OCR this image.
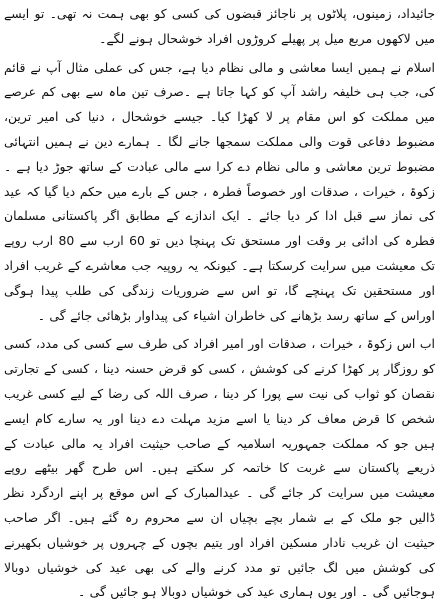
جائیداد، زمینوں، پلاٹوں پر ناجائز قبضوں کی کسی کو بھی ہمت نہ تھی۔ تو ایسے میں لاکھوں مربع میل پر پھیلے کروڑوں افراد خوشحال ہونے لگے۔

اسلام نے ہمیں ایسا معاشی و مالی نظام دیا ہے، جس کی عملی مثال آپ نے قائم کی، جب ہی خلیفہ راشد آپ کو کہا جاتا ہے ۔صرف تین ماہ سے بھی کم عرصے میں مملکت کو اس مقام پر لا کھڑا کیا۔ جیسے خوشحال ، دنیا کی امیر ترین، مضبوط دفاعی قوت والی مملکت سمجھا جانے لگا ۔ ہمارے دین نے ہمیں انتہائی مضبوط ترین معاشی و مالی نظام دے کرا سے مالی عبادت کے ساتھ جوڑ دیا ہے ۔ زکوۃ ، خیرات ، صدقات اور خصوصاً فطرہ ، جس کے بارے میں حکم دیا گیا کہ عید کی نماز سے قبل ادا کر دیا جائے ۔ ایک اندازے کے مطابق اگر پاکستانی مسلمان فطرہ کی ادائی بر وقت اور مستحق تک پہنچا دیں تو 60 ارب سے 80 ارب روپے تک معیشت میں سرایت کرسکتا ہے۔ کیونکہ یہ روپیہ جب معاشرے کے غریب افراد اور مستحقین تک پہنچے گا، تو اس سے ضروریات زندگی کی طلب پیدا ہوگی اوراس کے ساتھ رسد بڑھانے کی خاطران اشیاء کی پیداوار بڑھائی جائے گی ۔

اب اس زکوۃ ، خیرات ، صدقات اور امیر افراد کی طرف سے کسی کی مدد، کسی کو روزگار پر کھڑا کرنے کی کوشش ، کسی کو قرض حسنہ دینا ، کسی کے تجارتی نقصان کو ثواب کی نیت سے پورا کر دینا ، صرف اللہ کی رضا کے لیے کسی غریب شخص کا قرض معاف کر دینا یا اسے مزید مہلت دے دینا اور یہ سارے کام ایسے ہیں جو کہ مملکت جمہوریہ اسلامیہ کے صاحب حیثیت افراد یہ مالی عبادت کے ذریعے پاکستان سے غربت کا خاتمہ کر سکتے ہیں۔ اس طرح گھر بیٹھے روپے معیشت میں سرایت کر جائے گی ۔ عیدالمبارک کے اس موقع پر اپنے اردگرد نظر ڈالیں جو ملک کے بے شمار بچے بچیاں ان سے محروم رہ گئے ہیں۔ اگر صاحب حیثیت ان غریب نادار مسکین افراد اور یتیم بچوں کے چہروں پر خوشیاں بکھیرنے کی کوشش میں لگ جائیں تو مدد کرنے والے کی بھی عید کی خوشیاں دوبالا ہوجائیں گی ۔ اور یوں ہماری عید کی خوشیاں دوبالا ہو جائیں گی ۔
